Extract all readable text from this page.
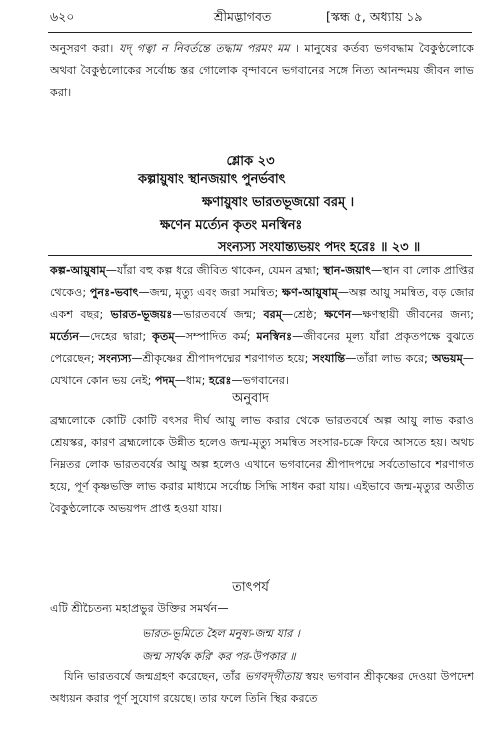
৬২০	শ্রীমদ্ভাগবত	[স্কন্ধ ৫, অধ্যায় ১৯

অনুসরণ করা। যদ্ গত্বা ন নিবর্তন্তে তদ্ধাম পরমং মম । মানুষের কর্তব্য ভগবদ্ধাম বৈকুণ্ঠলোকে অথবা বৈকুণ্ঠলোকের সর্বোচ্চ স্তর গোলোক বৃন্দাবনে ভগবানের সঙ্গে নিত্য আনন্দময় জীবন লাভ করা।

শ্লোক ২৩
কল্পায়ুষাং স্থানজয়াৎ পুনর্ভবাৎ
ক্ষণায়ুষাং ভারতভূজয়ো বরম্ ।
ক্ষণেন মর্ত্যেন কৃতং মনস্বিনঃ
সংন্যস্য সংযান্ত্যভয়ং পদং হরেঃ ॥ ২৩ ॥

কল্প-আয়ুষাম্—যাঁরা বহু কল্প ধরে জীবিত থাকেন, যেমন ব্রহ্মা; স্থান-জয়াৎ—স্থান বা লোক প্রাপ্তির থেকেও; পুনঃ-ভবাৎ—জন্ম, মৃত্যু এবং জরা সমন্বিত; ক্ষণ-আয়ুষাম্—অল্প আয়ু সমন্বিত, বড় জোর একশ বছর; ভারত-ভূজয়ঃ—ভারতবর্ষে জন্ম; বরম্—শ্রেষ্ঠ; ক্ষণেন—ক্ষণস্থায়ী জীবনের জন্য; মর্ত্যেন—দেহের দ্বারা; কৃতম্—সম্পাদিত কর্ম; মনস্বিনঃ—জীবনের মূল্য যাঁরা প্রকৃতপক্ষে বুঝতে পেরেছেন; সংন্যস্য—শ্রীকৃষ্ণের শ্রীপাদপদ্মের শরণাগত হয়ে; সংযান্তি—তাঁরা লাভ করে; অভয়ম্—যেখানে কোন ভয় নেই; পদম্—ধাম; হরেঃ—ভগবানের।

অনুবাদ

ব্রহ্মলোকে কোটি কোটি বৎসর দীর্ঘ আয়ু লাভ করার থেকে ভারতবর্ষে অল্প আয়ু লাভ করাও শ্রেয়স্কর, কারণ ব্রহ্মলোকে উন্নীত হলেও জন্ম-মৃত্যু সমন্বিত সংসার-চক্রে ফিরে আসতে হয়। অথচ নিম্নতর লোক ভারতবর্ষের আয়ু অল্প হলেও এখানে ভগবানের শ্রীপাদপদ্মে সর্বতোভাবে শরণাগত হয়ে, পূর্ণ কৃষ্ণভক্তি লাভ করার মাধ্যমে সর্বোচ্চ সিদ্ধি সাধন করা যায়। এইভাবে জন্ম-মৃত্যুর অতীত বৈকুণ্ঠলোকে অভয়পদ প্রাপ্ত হওয়া যায়।

তাৎপর্য

এটি শ্রীচৈতন্য মহাপ্রভুর উক্তির সমর্থন—

ভারত-ভূমিতে হৈল মনুষ্য-জন্ম যার ।
জন্ম সার্থক করি' কর পর-উপকার ॥

যিনি ভারতবর্ষে জন্মগ্রহণ করেছেন, তাঁর ভগবদ্‌গীতায় স্বয়ং ভগবান শ্রীকৃষ্ণের দেওয়া উপদেশ অধ্যয়ন করার পূর্ণ সুযোগ রয়েছে। তার ফলে তিনি স্থির করতে
